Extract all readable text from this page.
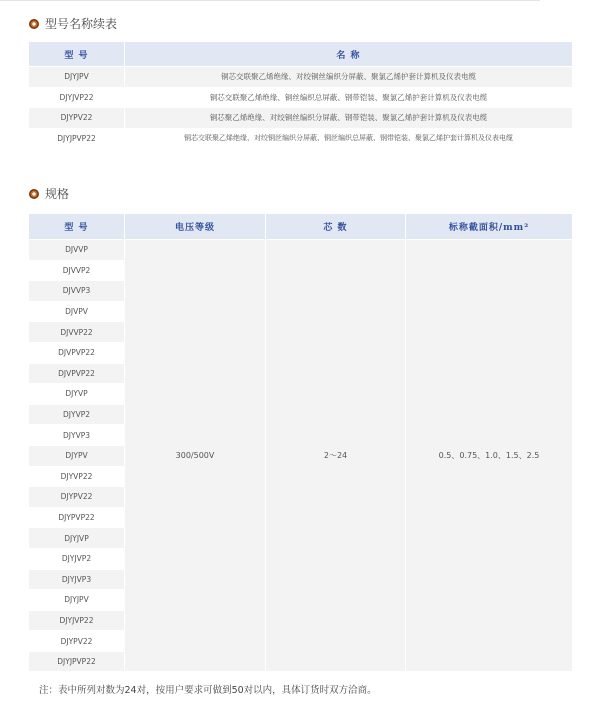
型号名称续表
型 号	名 称
DJYJPV	铜芯交联聚乙烯绝缘、对绞铜丝编织分屏蔽、聚氯乙烯护套计算机及仪表电缆
DJYJVP22	铜芯交联聚乙烯绝缘、铜丝编织总屏蔽、钢带铠装、聚氯乙烯护套计算机及仪表电缆
DJYPV22	铜芯聚乙烯绝缘、对绞铜丝编织分屏蔽、钢带铠装、聚氯乙烯护套计算机及仪表电缆
DJYJPVP22	铜芯交联聚乙烯绝缘、对绞铜丝编织分屏蔽、铜丝编织总屏蔽、钢带铠装、聚氯乙烯护套计算机及仪表电缆
规格
型 号	电压等级	芯 数	标称截面积/mm²
DJVVP	300/500V	2～24	0.5、0.75、1.0、1.5、2.5
DJVVP2			
DJVVP3			
DJVPV			
DJVVP22			
DJVPVP22			
DJVPVP22			
DJYVP			
DJYVP2			
DJYVP3			
DJYPV			
DJYVP22			
DJYPV22			
DJYPVP22			
DJYJVP			
DJYJVP2			
DJYJVP3			
DJYJPV			
DJYJVP22			
DJYPV22			
DJYJPVP22			
注：表中所列对数为24对，按用户要求可做到50对以内，具体订货时双方洽商。
